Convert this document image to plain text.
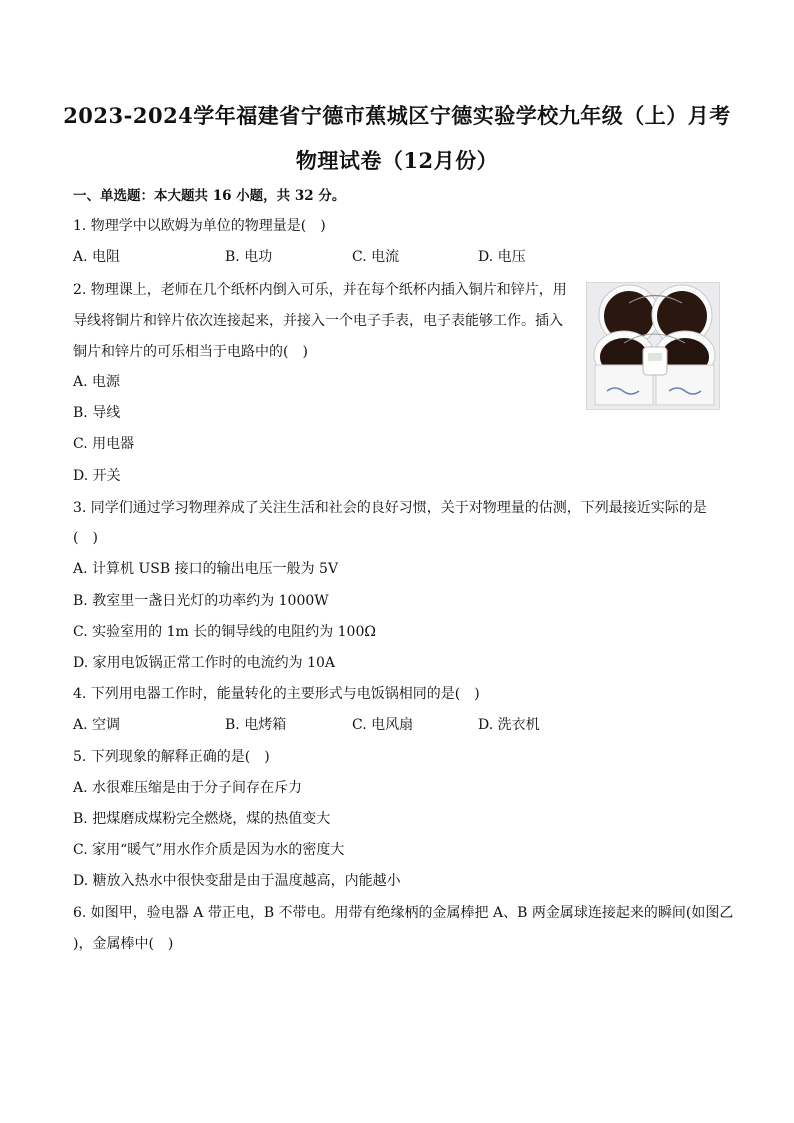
2023-2024学年福建省宁德市蕉城区宁德实验学校九年级（上）月考
物理试卷（12月份）
一、单选题：本大题共 16 小题，共 32 分。
1. 物理学中以欧姆为单位的物理量是(　)
A. 电阻	B. 电功	C. 电流	D. 电压
2. 物理课上，老师在几个纸杯内倒入可乐，并在每个纸杯内插入铜片和锌片，用
导线将铜片和锌片依次连接起来，并接入一个电子手表，电子表能够工作。插入
铜片和锌片的可乐相当于电路中的(　)
A. 电源
B. 导线
C. 用电器
D. 开关
3. 同学们通过学习物理养成了关注生活和社会的良好习惯，关于对物理量的估测，下列最接近实际的是
(　)
A. 计算机 USB 接口的输出电压一般为 5V
B. 教室里一盏日光灯的功率约为 1000W
C. 实验室用的 1m 长的铜导线的电阻约为 100Ω
D. 家用电饭锅正常工作时的电流约为 10A
4. 下列用电器工作时，能量转化的主要形式与电饭锅相同的是(　)
A. 空调	B. 电烤箱	C. 电风扇	D. 洗衣机
5. 下列现象的解释正确的是(　)
A. 水很难压缩是由于分子间存在斥力
B. 把煤磨成煤粉完全燃烧，煤的热值变大
C. 家用“暖气”用水作介质是因为水的密度大
D. 糖放入热水中很快变甜是由于温度越高，内能越小
6. 如图甲，验电器 A 带正电，B 不带电。用带有绝缘柄的金属棒把 A、B 两金属球连接起来的瞬间(如图乙
)，金属棒中(　)
